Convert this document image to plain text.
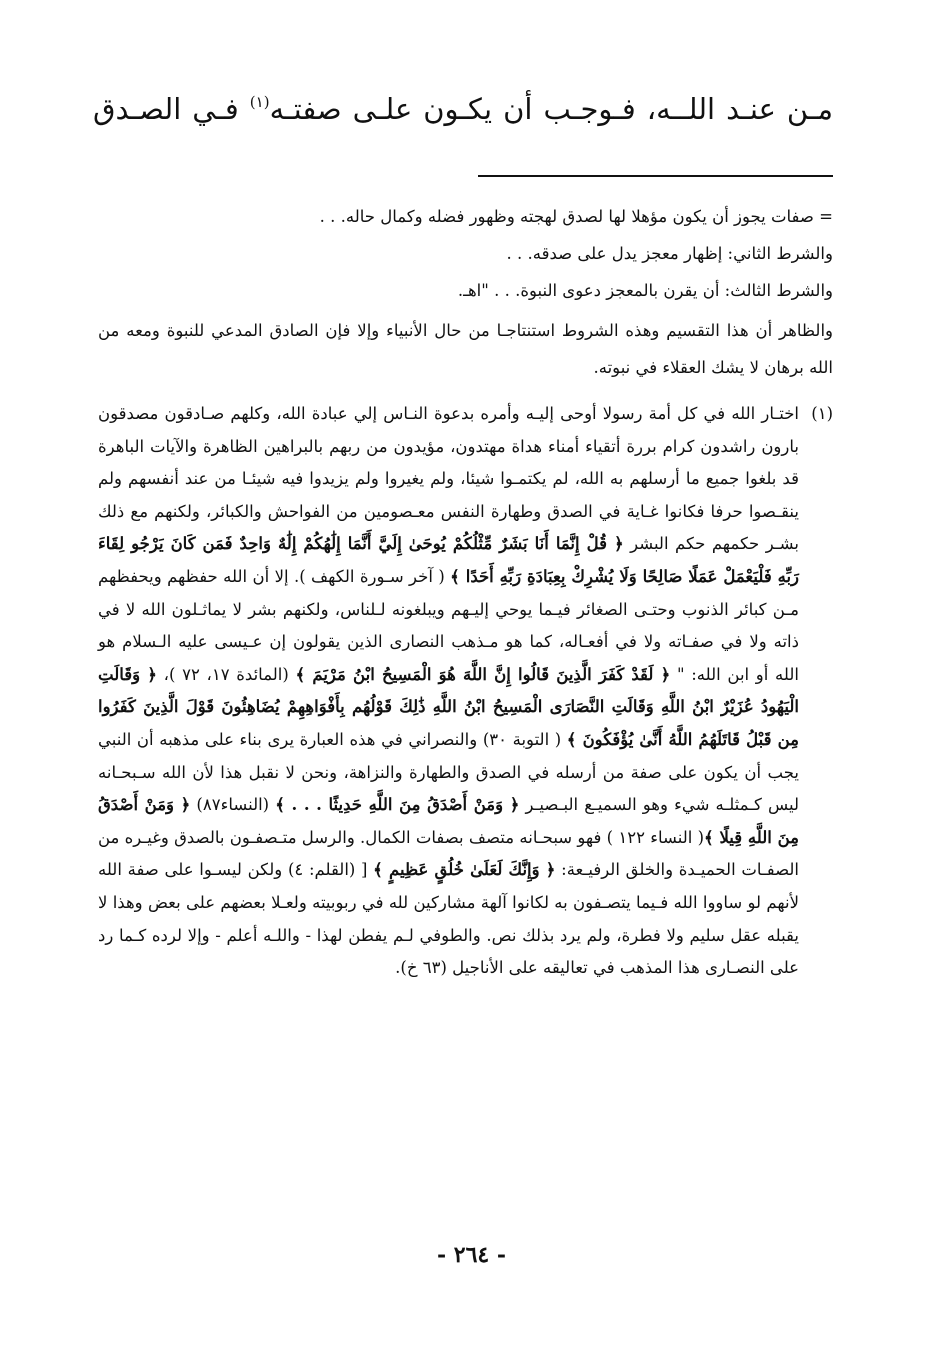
مـن عنـد اللــه، فـوجـب أن يكـون علـى صفتـه$^{(١)}$ فـي الصـدق
= صفات يجوز أن يكون مؤهلا لها لصدق لهجته وظهور فضله وكمال حاله. . .
والشرط الثاني: إظهار معجز يدل على صدقه. . .
والشرط الثالث: أن يقرن بالمعجز دعوى النبوة. . . "اهـ.
والظاهر أن هذا التقسيم وهذه الشروط استنتاجـا من حال الأنبياء وإلا فإن الصادق المدعي للنبوة ومعه من الله برهان لا يشك العقلاء في نبوته.
(١)
اختـار الله في كل أمة رسولا أوحى إليـه وأمره بدعوة النـاس إلي عبادة الله، وكلهم صـادقون مصدقون بارون راشدون كرام بررة أتقياء أمناء هداة مهتدون، مؤيدون من ربهم بالبراهين الظاهرة والآيات الباهرة قد بلغوا جميع ما أرسلهم به الله، لم يكتمـوا شيئا، ولم يغيروا ولم يزيدوا فيه شيئـا من عند أنفسهم ولم ينقـصوا حرفا فكانوا غـاية في الصدق وطهارة النفس معـصومين من الفواحش والكبائر، ولكنهم مع ذلك بشـر حكمهم حكم البشر ﴿ قُلْ إِنَّمَا أَنَا بَشَرٌ مِّثْلُكُمْ يُوحَىٰ إِلَيَّ أَنَّمَا إِلَٰهُكُمْ إِلَٰهٌ وَاحِدٌ فَمَن كَانَ يَرْجُو لِقَاءَ رَبِّهِ فَلْيَعْمَلْ عَمَلًا صَالِحًا وَلَا يُشْرِكْ بِعِبَادَةِ رَبِّهِ أَحَدًا ﴾ ( آخر سـورة الكهف ). إلا أن الله حفظهم ويحفظهم مـن كبائر الذنوب وحتـى الصغائر فيـما يوحي إليـهم ويبلغونه لـلناس، ولكنهم بشر لا يماثـلون الله لا في ذاته ولا في صفـاته ولا في أفعـاله، كما هو مـذهب النصارى الذين يقولون إن عـيسى عليه الـسلام هو الله أو ابن الله: " ﴿ لَقَدْ كَفَرَ الَّذِينَ قَالُوا إِنَّ اللَّهَ هُوَ الْمَسِيحُ ابْنُ مَرْيَمَ ﴾ (المائدة ١٧، ٧٢ )، ﴿ وَقَالَتِ الْيَهُودُ عُزَيْرٌ ابْنُ اللَّهِ وَقَالَتِ النَّصَارَى الْمَسِيحُ ابْنُ اللَّهِ ذَٰلِكَ قَوْلُهُم بِأَفْوَاهِهِمْ يُضَاهِئُونَ قَوْلَ الَّذِينَ كَفَرُوا مِن قَبْلُ قَاتَلَهُمُ اللَّهُ أَنَّىٰ يُؤْفَكُونَ ﴾ ( التوبة ٣٠) والنصراني في هذه العبارة يرى بناء على مذهبه أن النبي يجب أن يكون على صفة من أرسله في الصدق والطهارة والنزاهة، ونحن لا نقبل هذا لأن الله سـبحـانه ليس كـمثلـه شيء وهو السميـع البـصيـر ﴿ وَمَنْ أَصْدَقُ مِنَ اللَّهِ حَدِيثًا . . . ﴾ (النساء٨٧) ﴿ وَمَنْ أَصْدَقُ مِنَ اللَّهِ قِيلًا ﴾( النساء ١٢٢ ) فهو سبحـانه متصف بصفات الكمال. والرسل متـصفـون بالصدق وغيـره من الصفـات الحميـدة والخلق الرفيـعة: ﴿ وَإِنَّكَ لَعَلَىٰ خُلُقٍ عَظِيمٍ ﴾ [ (القلم: ٤) ولكن ليسـوا على صفة الله لأنهم لو ساووا الله فـيما يتصـفون به لكانوا آلهة مشاركين لله في ربوبيته ولعـلا بعضهم على بعض وهذا لا يقبله عقل سليم ولا فطرة، ولم يرد بذلك نص. والطوفي لـم يفطن لهذا - واللـه أعلم - وإلا لرده كـما رد على النصـارى هذا المذهب في تعاليقه على الأناجيل (٦٣ خ).
- ٢٦٤ -
